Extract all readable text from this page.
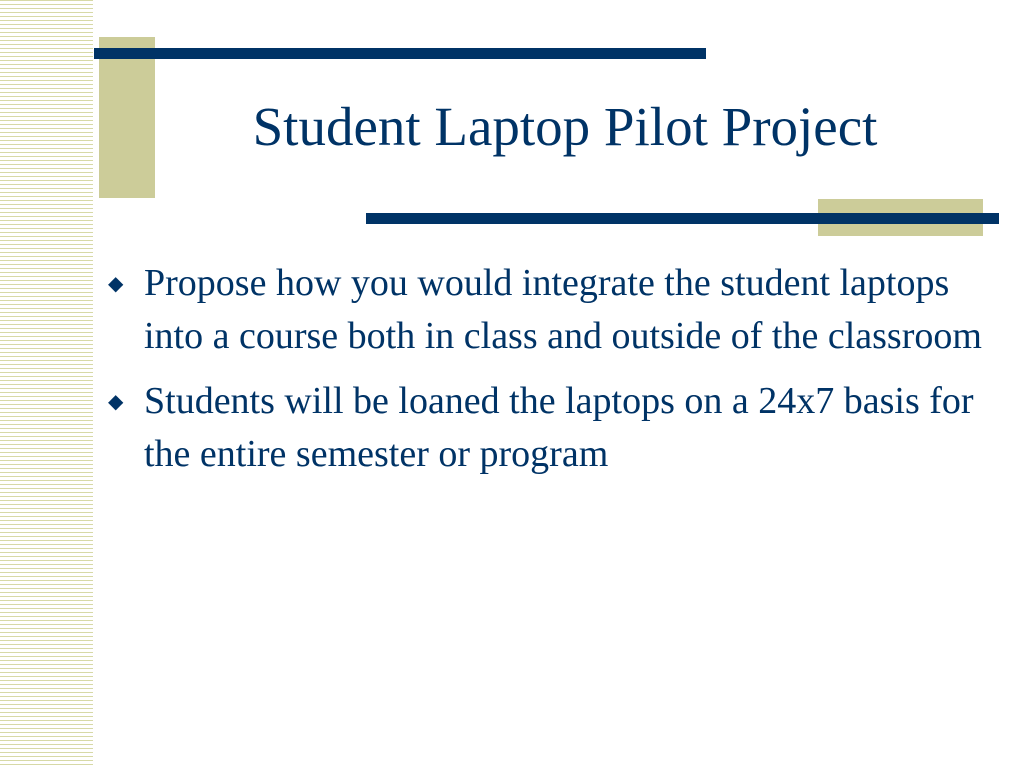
Student Laptop Pilot Project
◆ Propose how you would integrate the student laptops into a course both in class and outside of the classroom
◆ Students will be loaned the laptops on a 24x7 basis for the entire semester or program
